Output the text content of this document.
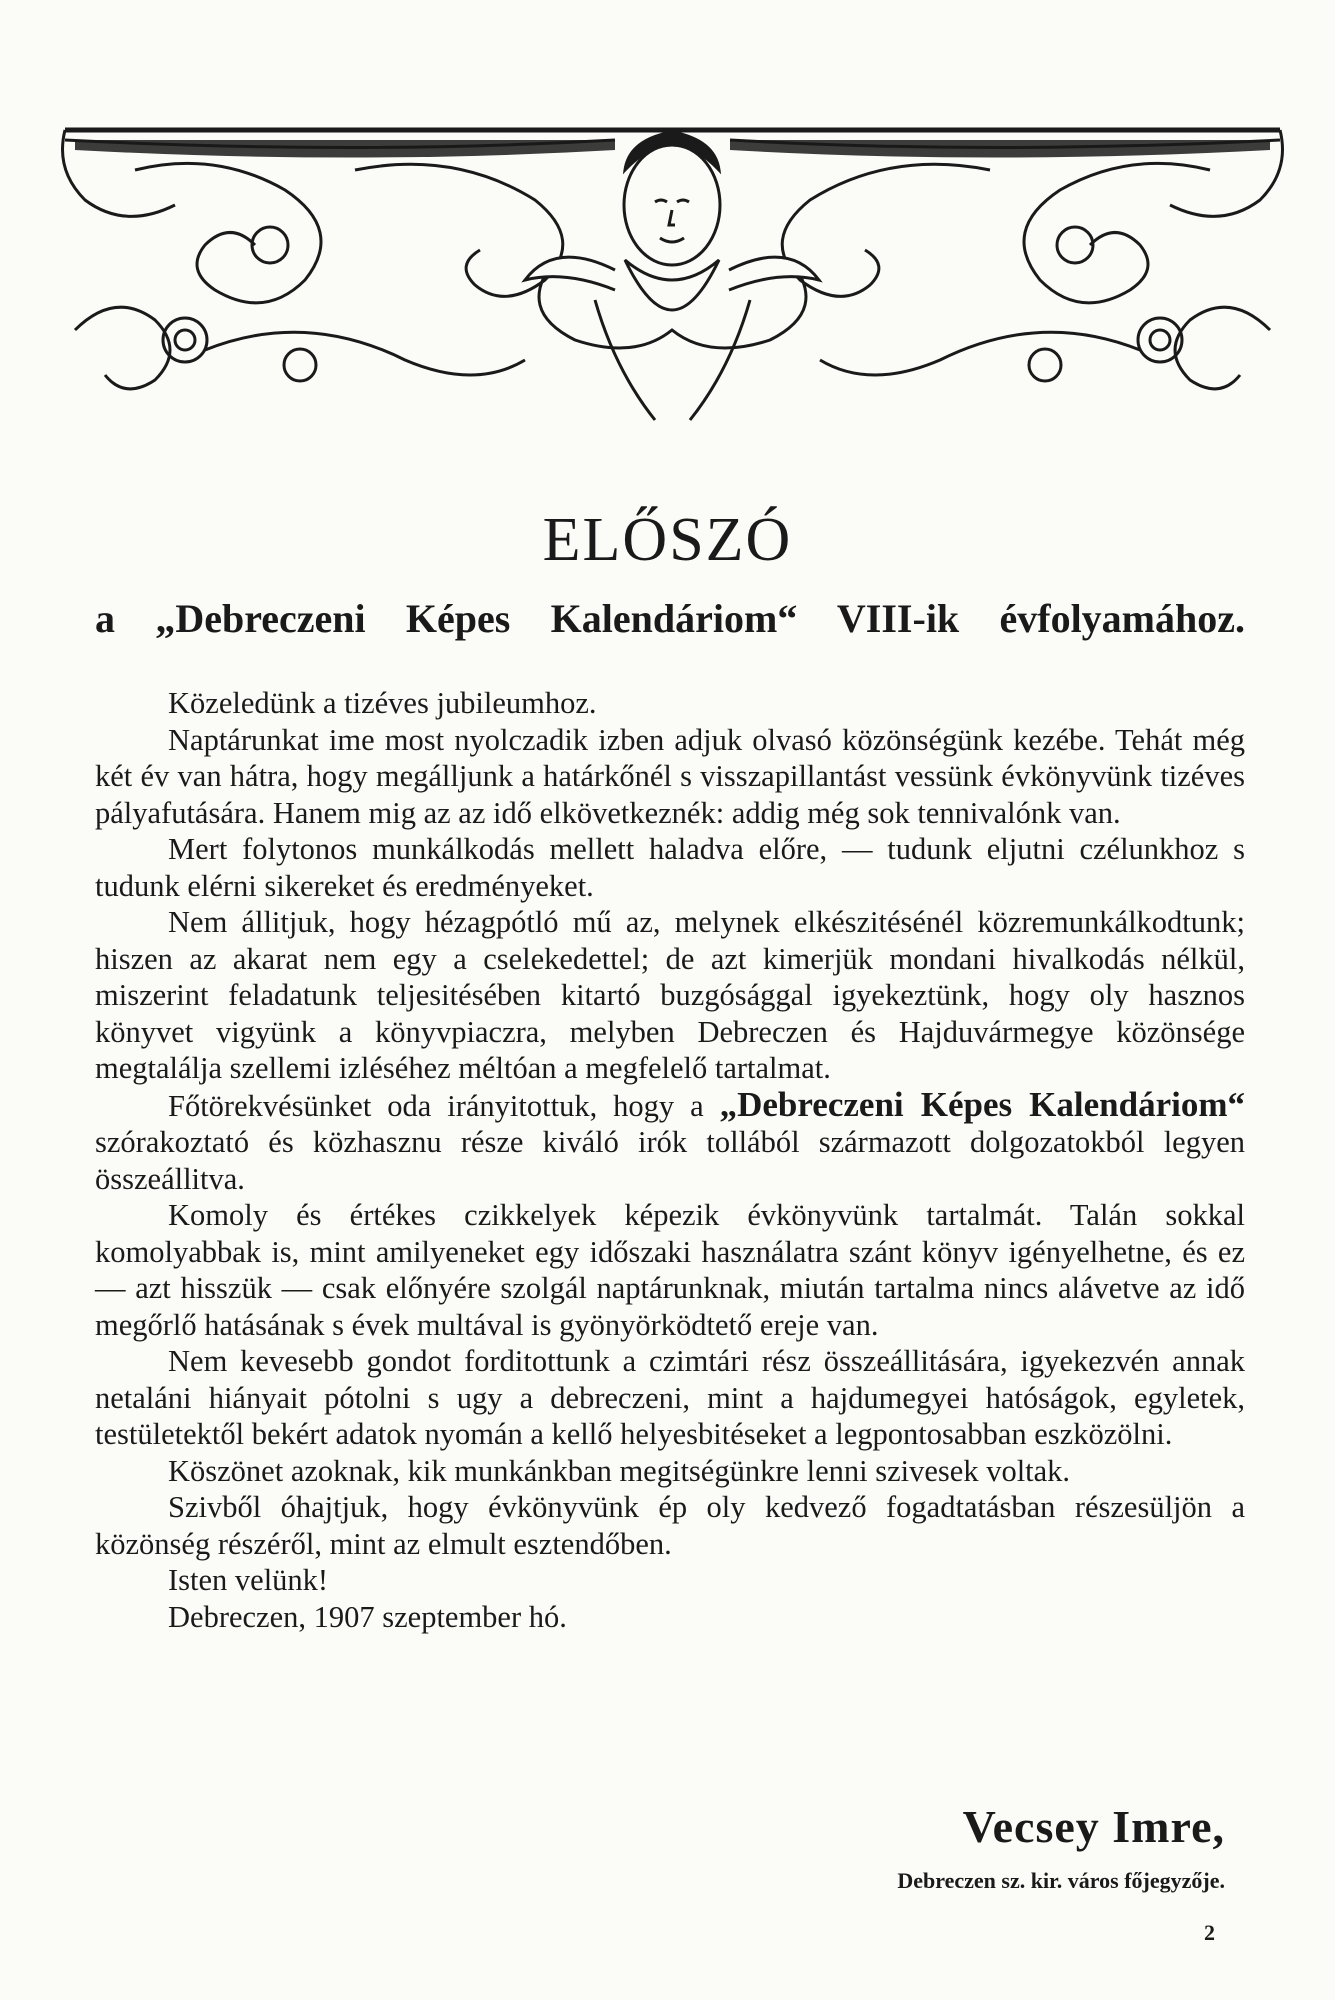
ELŐSZÓ
a „Debreczeni Képes Kalendáriom“ VIII-ik évfolyamához.

Közeledünk a tizéves jubileumhoz.

Naptárunkat ime most nyolczadik izben adjuk olvasó közönségünk kezébe. Tehát még két év van hátra, hogy megálljunk a határkőnél s visszapillantást vessünk évkönyvünk tizéves pályafutására. Hanem mig az az idő elkövetkeznék: addig még sok tennivalónk van.

Mert folytonos munkálkodás mellett haladva előre, — tudunk eljutni czélunkhoz s tudunk elérni sikereket és eredményeket.

Nem állitjuk, hogy hézagpótló mű az, melynek elkészitésénél közremunkálkodtunk; hiszen az akarat nem egy a cselekedettel; de azt kimerjük mondani hivalkodás nélkül, miszerint feladatunk teljesitésében kitartó buzgósággal igyekeztünk, hogy oly hasznos könyvet vigyünk a könyvpiaczra, melyben Debreczen és Hajduvármegye közönsége megtalálja szellemi izléséhez méltóan a megfelelő tartalmat.

Főtörekvésünket oda irányitottuk, hogy a „Debreczeni Képes Kalendáriom“ szórakoztató és közhasznu része kiváló irók tollából származott dolgozatokból legyen összeállitva.

Komoly és értékes czikkelyek képezik évkönyvünk tartalmát. Talán sokkal komolyabbak is, mint amilyeneket egy időszaki használatra szánt könyv igényelhetne, és ez — azt hisszük — csak előnyére szolgál naptárunknak, miután tartalma nincs alávetve az idő megőrlő hatásának s évek multával is gyönyörködtető ereje van.

Nem kevesebb gondot forditottunk a czimtári rész összeállitására, igyekezvén annak netaláni hiányait pótolni s ugy a debreczeni, mint a hajdumegyei hatóságok, egyletek, testületektől bekért adatok nyomán a kellő helyesbitéseket a legpontosabban eszközölni.

Köszönet azoknak, kik munkánkban megitségünkre lenni szivesek voltak.

Szivből óhajtjuk, hogy évkönyvünk ép oly kedvező fogadtatásban részesüljön a közönség részéről, mint az elmult esztendőben.

Isten velünk!

Debreczen, 1907 szeptember hó.

Vecsey Imre,
Debreczen sz. kir. város főjegyzője.
2
